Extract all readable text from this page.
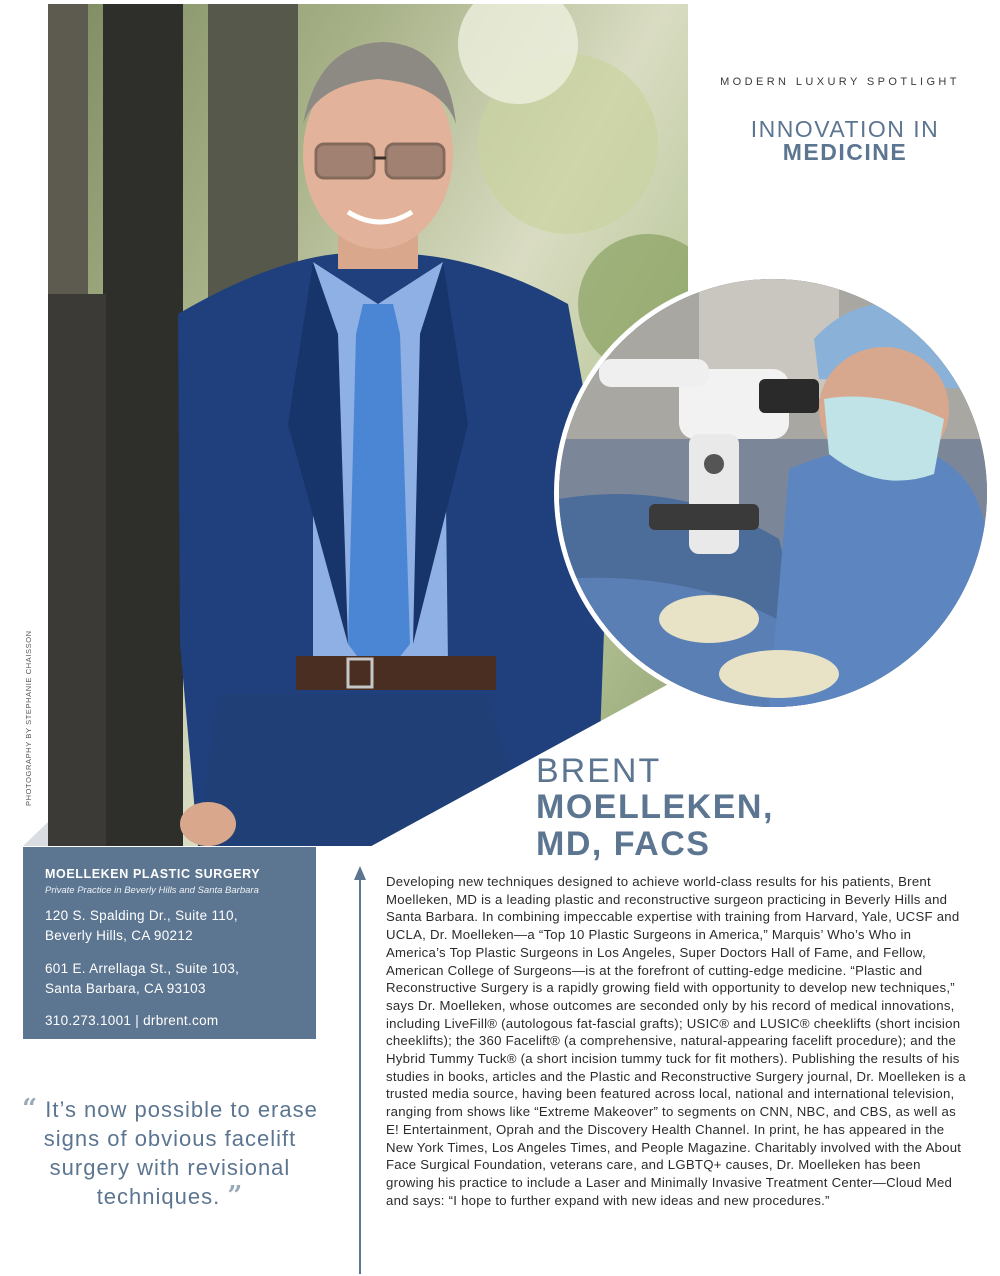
MODERN LUXURY SPOTLIGHT
INNOVATION IN
MEDICINE
PHOTOGRAPHY BY STEPHANIE CHAISSON	BRENT
MOELLEKEN,
MD, FACS
MOELLEKEN PLASTIC SURGERY
Private Practice in Beverly Hills and Santa Barbara
120 S. Spalding Dr., Suite 110,
Beverly Hills, CA 90212
601 E. Arrellaga St., Suite 103,
Santa Barbara, CA 93103
310.273.1001 | drbrent.com
“ It’s now possible to erase signs of obvious facelift surgery with revisional techniques. ”
Developing new techniques designed to achieve world-class results for his patients, Brent Moelleken, MD is a leading plastic and reconstructive surgeon practicing in Beverly Hills and Santa Barbara. In combining impeccable expertise with training from Harvard, Yale, UCSF and UCLA, Dr. Moelleken—a “Top 10 Plastic Surgeons in America,” Marquis’ Who’s Who in America’s Top Plastic Surgeons in Los Angeles, Super Doctors Hall of Fame, and Fellow, American College of Surgeons—is at the forefront of cutting-edge medicine. “Plastic and Reconstructive Surgery is a rapidly growing field with opportunity to develop new techniques,” says Dr. Moelleken, whose outcomes are seconded only by his record of medical innovations, including LiveFill® (autologous fat-fascial grafts); USIC® and LUSIC® cheeklifts (short incision cheeklifts); the 360 Facelift® (a comprehensive, natural-appearing facelift procedure); and the Hybrid Tummy Tuck® (a short incision tummy tuck for fit mothers). Publishing the results of his studies in books, articles and the Plastic and Reconstructive Surgery journal, Dr. Moelleken is a trusted media source, having been featured across local, national and international television, ranging from shows like “Extreme Makeover” to segments on CNN, NBC, and CBS, as well as E! Entertainment, Oprah and the Discovery Health Channel. In print, he has appeared in the New York Times, Los Angeles Times, and People Magazine. Charitably involved with the About Face Surgical Foundation, veterans care, and LGBTQ+ causes, Dr. Moelleken has been growing his practice to include a Laser and Minimally Invasive Treatment Center—Cloud Med and says: “I hope to further expand with new ideas and new procedures.”
